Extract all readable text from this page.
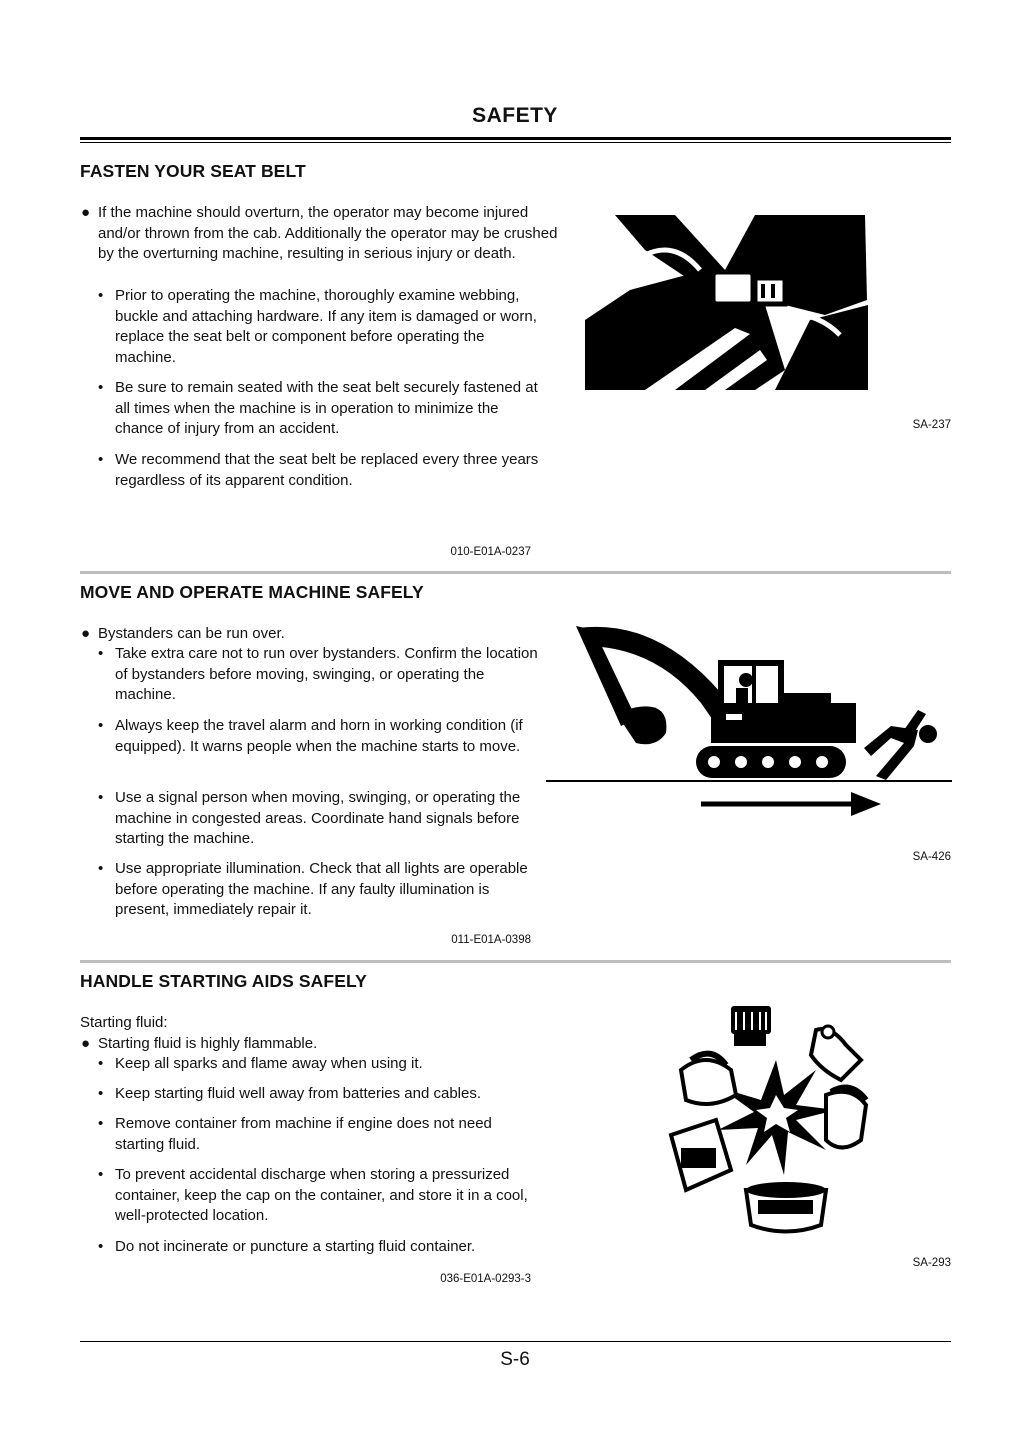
SAFETY
FASTEN YOUR SEAT BELT
● If the machine should overturn, the operator may become injured and/or thrown from the cab. Additionally the operator may be crushed by the overturning machine, resulting in serious injury or death.
• Prior to operating the machine, thoroughly examine webbing, buckle and attaching hardware. If any item is damaged or worn, replace the seat belt or component before operating the machine.
• Be sure to remain seated with the seat belt securely fastened at all times when the machine is in operation to minimize the chance of injury from an accident.
• We recommend that the seat belt be replaced every three years regardless of its apparent condition.
SA-237
010-E01A-0237
MOVE AND OPERATE MACHINE SAFELY
● Bystanders can be run over.
• Take extra care not to run over bystanders. Confirm the location of bystanders before moving, swinging, or operating the machine.
• Always keep the travel alarm and horn in working condition (if equipped). It warns people when the machine starts to move.
• Use a signal person when moving, swinging, or operating the machine in congested areas. Coordinate hand signals before starting the machine.
• Use appropriate illumination. Check that all lights are operable before operating the machine. If any faulty illumination is present, immediately repair it.
SA-426
011-E01A-0398
HANDLE STARTING AIDS SAFELY
Starting fluid:
● Starting fluid is highly flammable.
• Keep all sparks and flame away when using it.
• Keep starting fluid well away from batteries and cables.
• Remove container from machine if engine does not need starting fluid.
• To prevent accidental discharge when storing a pressurized container, keep the cap on the container, and store it in a cool, well-protected location.
• Do not incinerate or puncture a starting fluid container.
SA-293
036-E01A-0293-3
S-6
